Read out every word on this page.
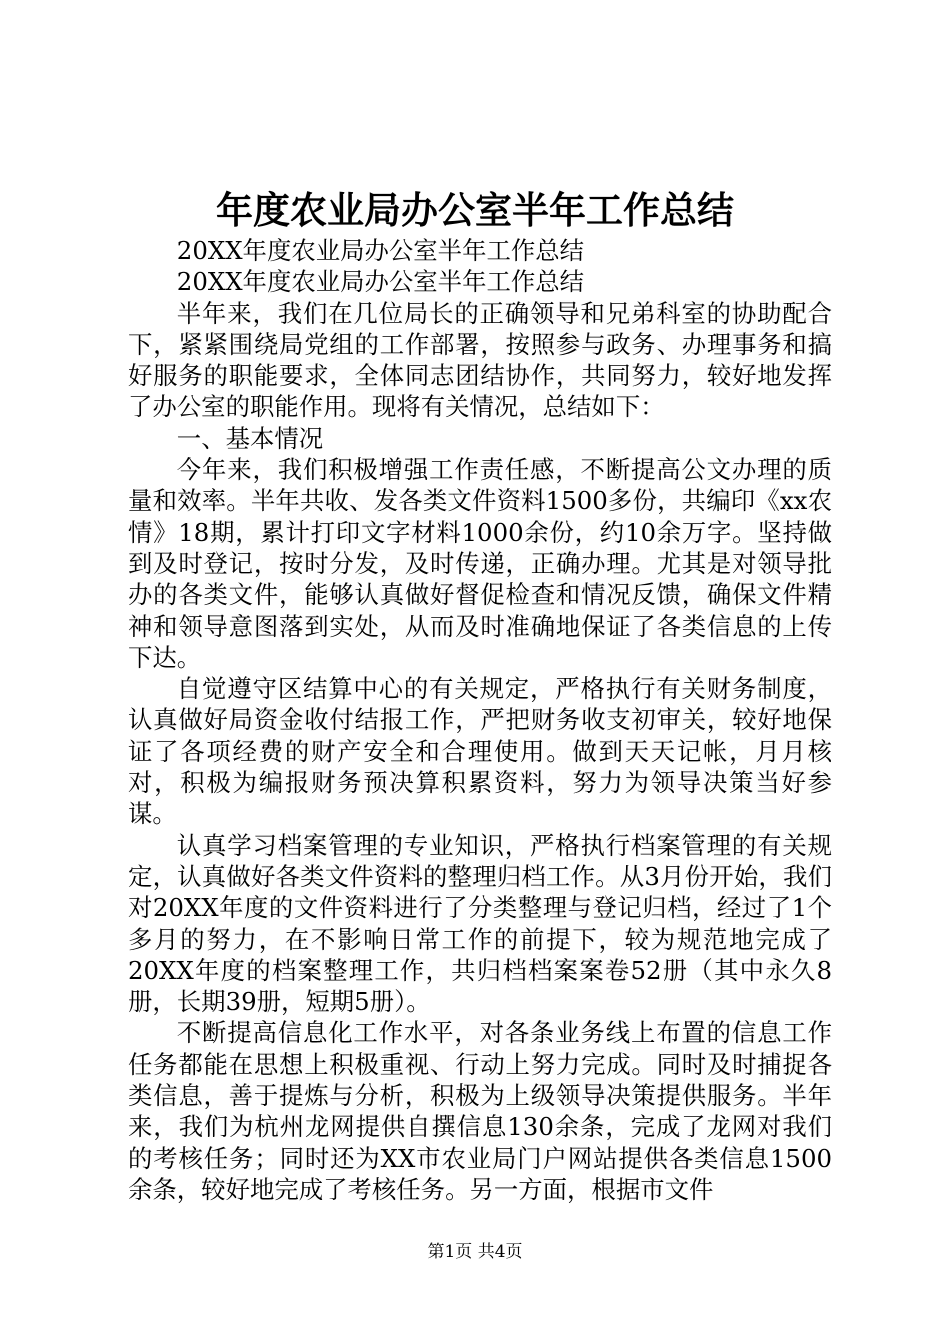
年度农业局办公室半年工作总结

20XX年度农业局办公室半年工作总结

20XX年度农业局办公室半年工作总结

半年来，我们在几位局长的正确领导和兄弟科室的协助配合下，紧紧围绕局党组的工作部署，按照参与政务、办理事务和搞好服务的职能要求，全体同志团结协作，共同努力，较好地发挥了办公室的职能作用。现将有关情况，总结如下：

一、基本情况

今年来，我们积极增强工作责任感，不断提高公文办理的质量和效率。半年共收、发各类文件资料1500多份，共编印《xx农情》18期，累计打印文字材料1000余份，约10余万字。坚持做到及时登记，按时分发，及时传递，正确办理。尤其是对领导批办的各类文件，能够认真做好督促检查和情况反馈，确保文件精神和领导意图落到实处，从而及时准确地保证了各类信息的上传下达。

自觉遵守区结算中心的有关规定，严格执行有关财务制度，认真做好局资金收付结报工作，严把财务收支初审关，较好地保证了各项经费的财产安全和合理使用。做到天天记帐，月月核对，积极为编报财务预决算积累资料，努力为领导决策当好参谋。

认真学习档案管理的专业知识，严格执行档案管理的有关规定，认真做好各类文件资料的整理归档工作。从3月份开始，我们对20XX年度的文件资料进行了分类整理与登记归档，经过了1个多月的努力，在不影响日常工作的前提下，较为规范地完成了20XX年度的档案整理工作，共归档档案案卷52册（其中永久8册，长期39册，短期5册）。

不断提高信息化工作水平，对各条业务线上布置的信息工作任务都能在思想上积极重视、行动上努力完成。同时及时捕捉各类信息，善于提炼与分析，积极为上级领导决策提供服务。半年来，我们为杭州龙网提供自撰信息130余条，完成了龙网对我们的考核任务；同时还为XX市农业局门户网站提供各类信息1500余条，较好地完成了考核任务。另一方面，根据市文件

第1页 共4页
